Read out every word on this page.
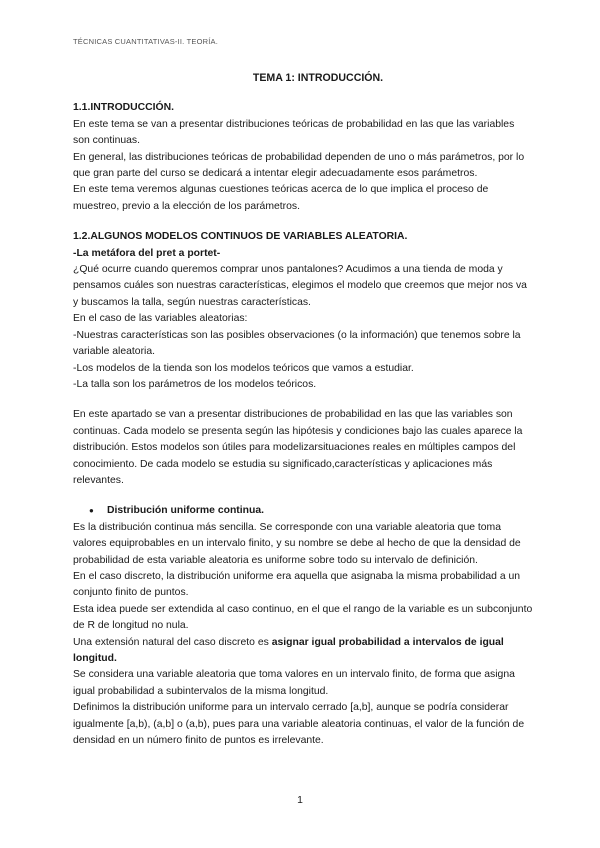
TÉCNICAS CUANTITATIVAS-II. TEORÍA.

TEMA 1: INTRODUCCIÓN.

1.1.INTRODUCCIÓN.

En este tema se van a presentar distribuciones teóricas de probabilidad en las que las variables son continuas.

En general, las distribuciones teóricas de probabilidad dependen de uno o más parámetros, por lo que gran parte del curso se dedicará a intentar elegir adecuadamente esos parámetros.

En este tema veremos algunas cuestiones teóricas acerca de lo que implica el proceso de muestreo, previo a la elección de los parámetros.

1.2.ALGUNOS MODELOS CONTINUOS DE VARIABLES ALEATORIA.

-La metáfora del pret a portet-

¿Qué ocurre cuando queremos comprar unos pantalones? Acudimos a una tienda de moda y pensamos cuáles son nuestras características, elegimos el modelo que creemos que mejor nos va y buscamos la talla, según nuestras características.

En el caso de las variables aleatorias:

-Nuestras características son las posibles observaciones (o la información) que tenemos sobre la variable aleatoria.

-Los modelos de la tienda son los modelos teóricos que vamos a estudiar.

-La talla son los parámetros de los modelos teóricos.

En este apartado se van a presentar distribuciones de probabilidad en las que las variables son continuas. Cada modelo se presenta según las hipótesis y condiciones bajo las cuales aparece la distribución. Estos modelos son útiles para modelizarsituaciones reales en múltiples campos del conocimiento. De cada modelo se estudia su significado,características y aplicaciones más relevantes.

●	Distribución uniforme continua.

Es la distribución continua más sencilla. Se corresponde con una variable aleatoria que toma valores equiprobables en un intervalo finito, y su nombre se debe al hecho de que la densidad de probabilidad de esta variable aleatoria es uniforme sobre todo su intervalo de definición.

En el caso discreto, la distribución uniforme era aquella que asignaba la misma probabilidad a un conjunto finito de puntos.

Esta idea puede ser extendida al caso continuo, en el que el rango de la variable es un subconjunto de R de longitud no nula.

Una extensión natural del caso discreto es asignar igual probabilidad a intervalos de igual longitud.

Se considera una variable aleatoria que toma valores en un intervalo finito, de forma que asigna igual probabilidad a subintervalos de la misma longitud.

Definimos la distribución uniforme para un intervalo cerrado [a,b], aunque se podría considerar igualmente [a,b), (a,b] o (a,b), pues para una variable aleatoria continuas, el valor de la función de densidad en un número finito de puntos es irrelevante.

1
